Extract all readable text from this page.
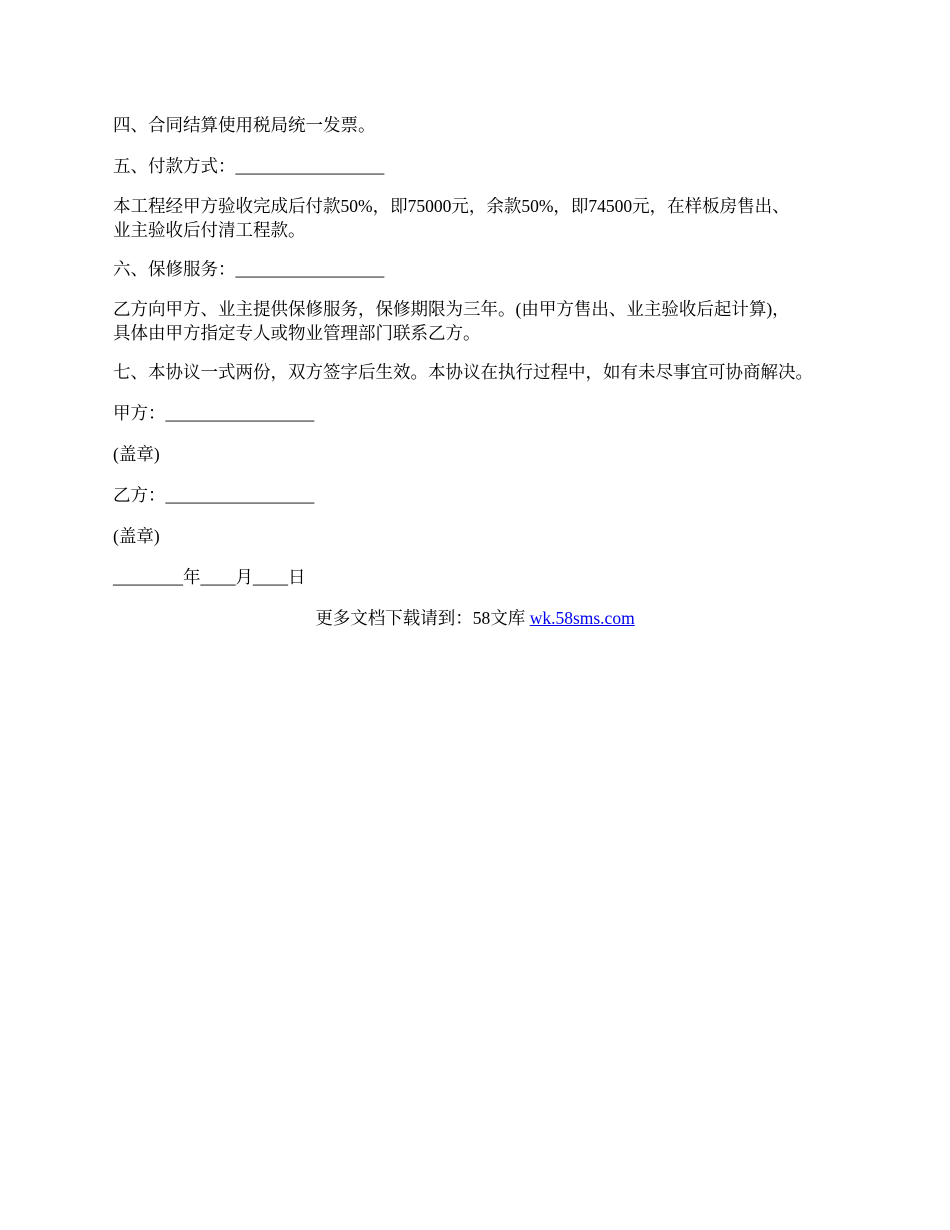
四、合同结算使用税局统一发票。
五、付款方式：_________________
本工程经甲方验收完成后付款50%，即75000元，余款50%，即74500元，在样板房售出、
业主验收后付清工程款。
六、保修服务：_________________
乙方向甲方、业主提供保修服务，保修期限为三年。(由甲方售出、业主验收后起计算)，
具体由甲方指定专人或物业管理部门联系乙方。
七、本协议一式两份，双方签字后生效。本协议在执行过程中，如有未尽事宜可协商解决。
甲方：_________________
(盖章)
乙方：_________________
(盖章)
________年____月____日
更多文档下载请到：58文库 wk.58sms.com
